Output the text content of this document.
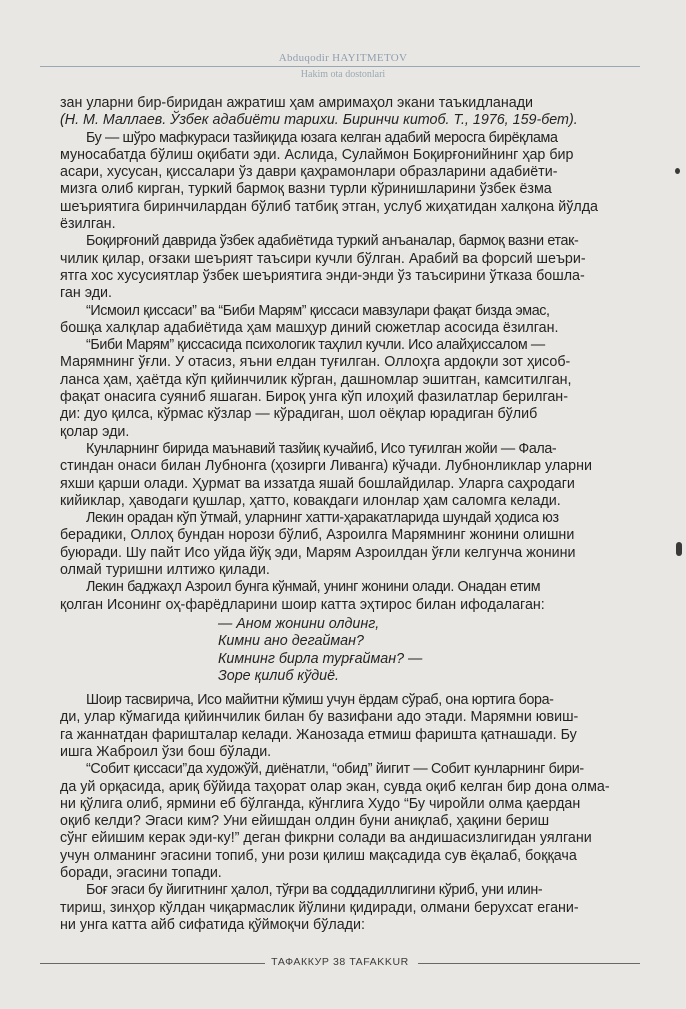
Abduqodir HAYITMETOV
Hakim ota dostonlari
зан уларни бир-биридан ажратиш ҳам амримаҳол экани таъкидланади
(Н. М. Маллаев. Ўзбек адабиёти тарихи. Биринчи китоб. Т., 1976, 159-бет).
Бу — шўро мафкураси тазйиқида юзага келган адабий меросга бирёқлама
муносабатда бўлиш оқибати эди. Аслида, Сулаймон Боқирғонийнинг ҳар бир
асари, хусусан, қиссалари ўз даври қаҳрамонлари образларини адабиёти-
мизга олиб кирган, туркий бармоқ вазни турли кўринишларини ўзбек ёзма
шеъриятига биринчилардан бўлиб татбиқ этган, услуб жиҳатидан халқона йўлда
ёзилган.
Боқирғоний даврида ўзбек адабиётида туркий анъаналар, бармоқ вазни етак-
чилик қилар, оғзаки шеърият таъсири кучли бўлган. Арабий ва форсий шеъри-
ятга хос хусусиятлар ўзбек шеъриятига энди-энди ўз таъсирини ўтказа бошла-
ган эди.
“Исмоил қиссаси” ва “Биби Марям” қиссаси мавзулари фақат бизда эмас,
бошқа халқлар адабиётида ҳам машҳур диний сюжетлар асосида ёзилган.
“Биби Марям” қиссасида психологик таҳлил кучли. Исо алайҳиссалом —
Марямнинг ўғли. У отасиз, яъни елдан туғилган. Оллоҳга ардоқли зот ҳисоб-
ланса ҳам, ҳаётда кўп қийинчилик кўрган, дашномлар эшитган, камситилган,
фақат онасига суяниб яшаган. Бироқ унга кўп илоҳий фазилатлар берилган-
ди: дуо қилса, кўрмас кўзлар — кўрадиган, шол оёқлар юрадиган бўлиб
қолар эди.
Кунларнинг бирида маънавий тазйиқ кучайиб, Исо туғилган жойи — Фала-
стиндан онаси билан Лубнонга (ҳозирги Ливанга) кўчади. Лубнонликлар уларни
яхши қарши олади. Ҳурмат ва иззатда яшай бошлайдилар. Уларга саҳродаги
кийиклар, ҳаводаги қушлар, ҳатто, ковакдаги илонлар ҳам саломга келади.
Лекин орадан кўп ўтмай, уларнинг хатти-ҳаракатларида шундай ҳодиса юз
берадики, Оллоҳ бундан норози бўлиб, Азроилга Марямнинг жонини олишни
буюради. Шу пайт Исо уйда йўқ эди, Марям Азроилдан ўғли келгунча жонини
олмай туришни илтижо қилади.
Лекин баджаҳл Азроил бунга кўнмай, унинг жонини олади. Онадан етим
қолган Исонинг оҳ-фарёдларини шоир катта эҳтирос билан ифодалаган:
— Аном жонини олдинг,
Кимни ано дегайман?
Кимнинг бирла турғайман? —
Зоре қилиб кўдиё.
Шоир тасвирича, Исо майитни кўмиш учун ёрдам сўраб, она юртига бора-
ди, улар кўмагида қийинчилик билан бу вазифани адо этади. Марямни ювиш-
га жаннатдан фаришталар келади. Жанозада етмиш фаришта қатнашади. Бу
ишга Жаброил ўзи бош бўлади.
“Собит қиссаси”да художўй, диёнатли, “обид” йигит — Собит кунларнинг бири-
да уй орқасида, ариқ бўйида таҳорат олар экан, сувда оқиб келган бир дона олма-
ни қўлига олиб, ярмини еб бўлганда, кўнглига Худо “Бу чиройли олма қаердан
оқиб келди? Эгаси ким? Уни ейишдан олдин буни аниқлаб, ҳақини бериш
сўнг ейишим керак эди-ку!” деган фикрни солади ва андишасизлигидан уялгани
учун олманинг эгасини топиб, уни рози қилиш мақсадида сув ёқалаб, боққача
боради, эгасини топади.
Боғ эгаси бу йигитнинг ҳалол, тўғри ва соддадиллигини кўриб, уни илин-
тириш, зинҳор кўлдан чиқармаслик йўлини қидиради, олмани берухсат егани-
ни унга катта айб сифатида қўймоқчи бўлади:
ТАФАККУР 38 TAFAKKUR
